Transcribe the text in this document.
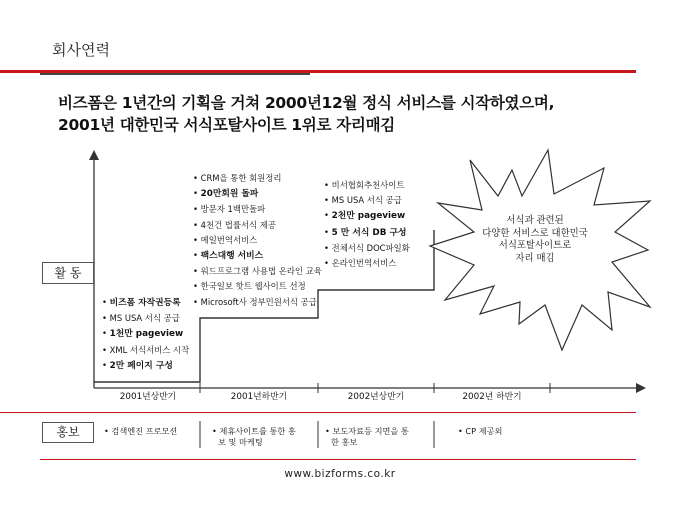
회사연력
비즈폼은 1년간의 기획을 거쳐 2000년12월 정식 서비스를 시작하였으며,
2001년 대한민국 서식포탈사이트 1위로 자리매김
활 동
홍보
• 비즈폼 자작권등록
• MS USA 서식 공급
• 1천만 pageview
• XML 서식서비스 시작
• 2만 페이지 구성
• CRM을 통한 회원정리
• 20만회원 돌파
• 방문자 1백만돌파
• 4천건 법률서식 제공
• 메일번역서비스
• 팩스대행 서비스
• 워드프로그램 사용법 온라인 교육
• 한국일보 핫트 웹사이트 선정
• Microsoft사 정부민원서식 공급
• 비서협회추천사이트
• MS USA 서식 공급
• 2천만 pageview
• 5 만 서식 DB 구성
• 전체서식 DOC파일화
• 온라인번역서비스
서식과 관련된
다양한 서비스로 대한민국
서식포탈사이트로
자리 매김
2001년상반기	2001년하반기	2002년상반기	2002년 하반기
• 검색엔진 프로모션	• 제휴사이트를 통한 홍
보 및 마케팅
• 보도자료등 지면을 통
한 홍보
• CP 제공외
www.bizforms.co.kr
